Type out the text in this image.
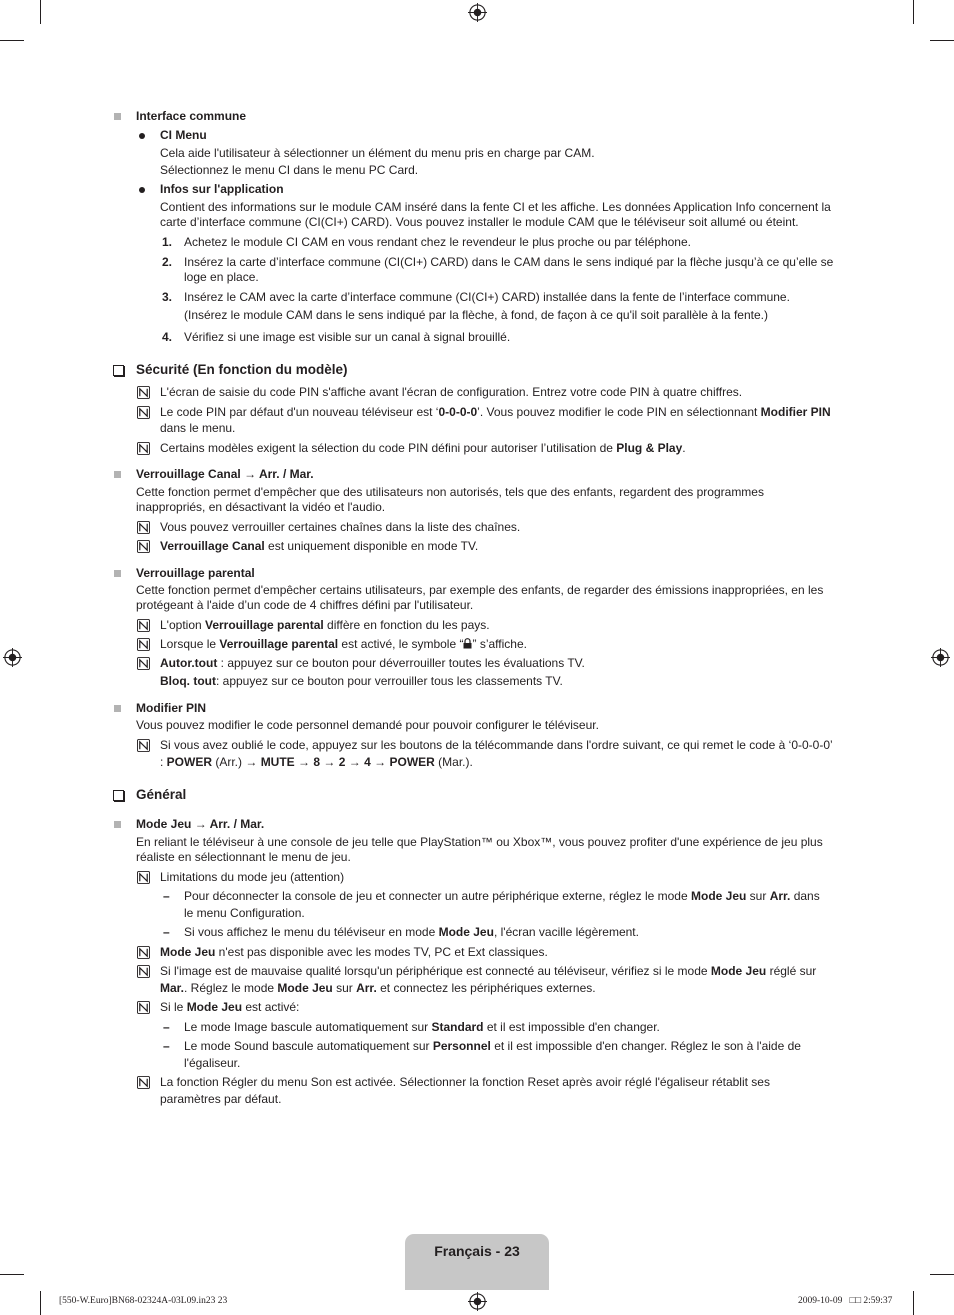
Interface commune
CI Menu
Cela aide l'utilisateur à sélectionner un élément du menu pris en charge par CAM.
Sélectionnez le menu CI dans le menu PC Card.
Infos sur l'application
Contient des informations sur le module CAM inséré dans la fente CI et les affiche. Les données Application Info concernent la carte d’interface commune (CI(CI+) CARD). Vous pouvez installer le module CAM que le téléviseur soit allumé ou éteint.
1. Achetez le module CI CAM en vous rendant chez le revendeur le plus proche ou par téléphone.
2. Insérez la carte d’interface commune (CI(CI+) CARD) dans le CAM dans le sens indiqué par la flèche jusqu’à ce qu’elle se loge en place.
3. Insérez le CAM avec la carte d’interface commune (CI(CI+) CARD) installée dans la fente de l’interface commune.
(Insérez le module CAM dans le sens indiqué par la flèche, à fond, de façon à ce qu'il soit parallèle à la fente.)
4. Vérifiez si une image est visible sur un canal à signal brouillé.
Sécurité (En fonction du modèle)
L'écran de saisie du code PIN s'affiche avant l'écran de configuration. Entrez votre code PIN à quatre chiffres.
Le code PIN par défaut d'un nouveau téléviseur est ‘0-0-0-0’. Vous pouvez modifier le code PIN en sélectionnant Modifier PIN
dans le menu.
Certains modèles exigent la sélection du code PIN défini pour autoriser l’utilisation de Plug & Play.
Verrouillage Canal → Arr. / Mar.
Cette fonction permet d'empêcher que des utilisateurs non autorisés, tels que des enfants, regardent des programmes inappropriés, en désactivant la vidéo et l'audio.
Vous pouvez verrouiller certaines chaînes dans la liste des chaînes.
Verrouillage Canal est uniquement disponible en mode TV.
Verrouillage parental
Cette fonction permet d'empêcher certains utilisateurs, par exemple des enfants, de regarder des émissions inappropriées, en les protégeant à l'aide d’un code de 4 chiffres défini par l'utilisateur.
L'option Verrouillage parental diffère en fonction du les pays.
Lorsque le Verrouillage parental est activé, le symbole “ ” s’affiche.
Autor.tout : appuyez sur ce bouton pour déverrouiller toutes les évaluations TV.
Bloq. tout: appuyez sur ce bouton pour verrouiller tous les classements TV.
Modifier PIN
Vous pouvez modifier le code personnel demandé pour pouvoir configurer le téléviseur.
Si vous avez oublié le code, appuyez sur les boutons de la télécommande dans l'ordre suivant, ce qui remet le code à ‘0-0-0-0’
: POWER (Arr.) → MUTE → 8 → 2 → 4 → POWER (Mar.).
Général
Mode Jeu → Arr. / Mar.
En reliant le téléviseur à une console de jeu telle que PlayStation™ ou Xbox™, vous pouvez profiter d'une expérience de jeu plus réaliste en sélectionnant le menu de jeu.
Limitations du mode jeu (attention)
– Pour déconnecter la console de jeu et connecter un autre périphérique externe, réglez le mode Mode Jeu sur Arr. dans
le menu Configuration.
– Si vous affichez le menu du téléviseur en mode Mode Jeu, l'écran vacille légèrement.
Mode Jeu n'est pas disponible avec les modes TV, PC et Ext classiques.
Si l'image est de mauvaise qualité lorsqu'un périphérique est connecté au téléviseur, vérifiez si le mode Mode Jeu réglé sur
Mar.. Réglez le mode Mode Jeu sur Arr. et connectez les périphériques externes.
Si le Mode Jeu est activé:
– Le mode Image bascule automatiquement sur Standard et il est impossible d'en changer.
– Le mode Sound bascule automatiquement sur Personnel et il est impossible d'en changer. Réglez le son à l'aide de
l'égaliseur.
La fonction Régler du menu Son est activée. Sélectionner la fonction Reset après avoir réglé l'égaliseur rétablit ses
paramètres par défaut.
Français - 23
[550-W.Euro]BN68-02324A-03L09.in23 23	2009-10-09 □□ 2:59:37
